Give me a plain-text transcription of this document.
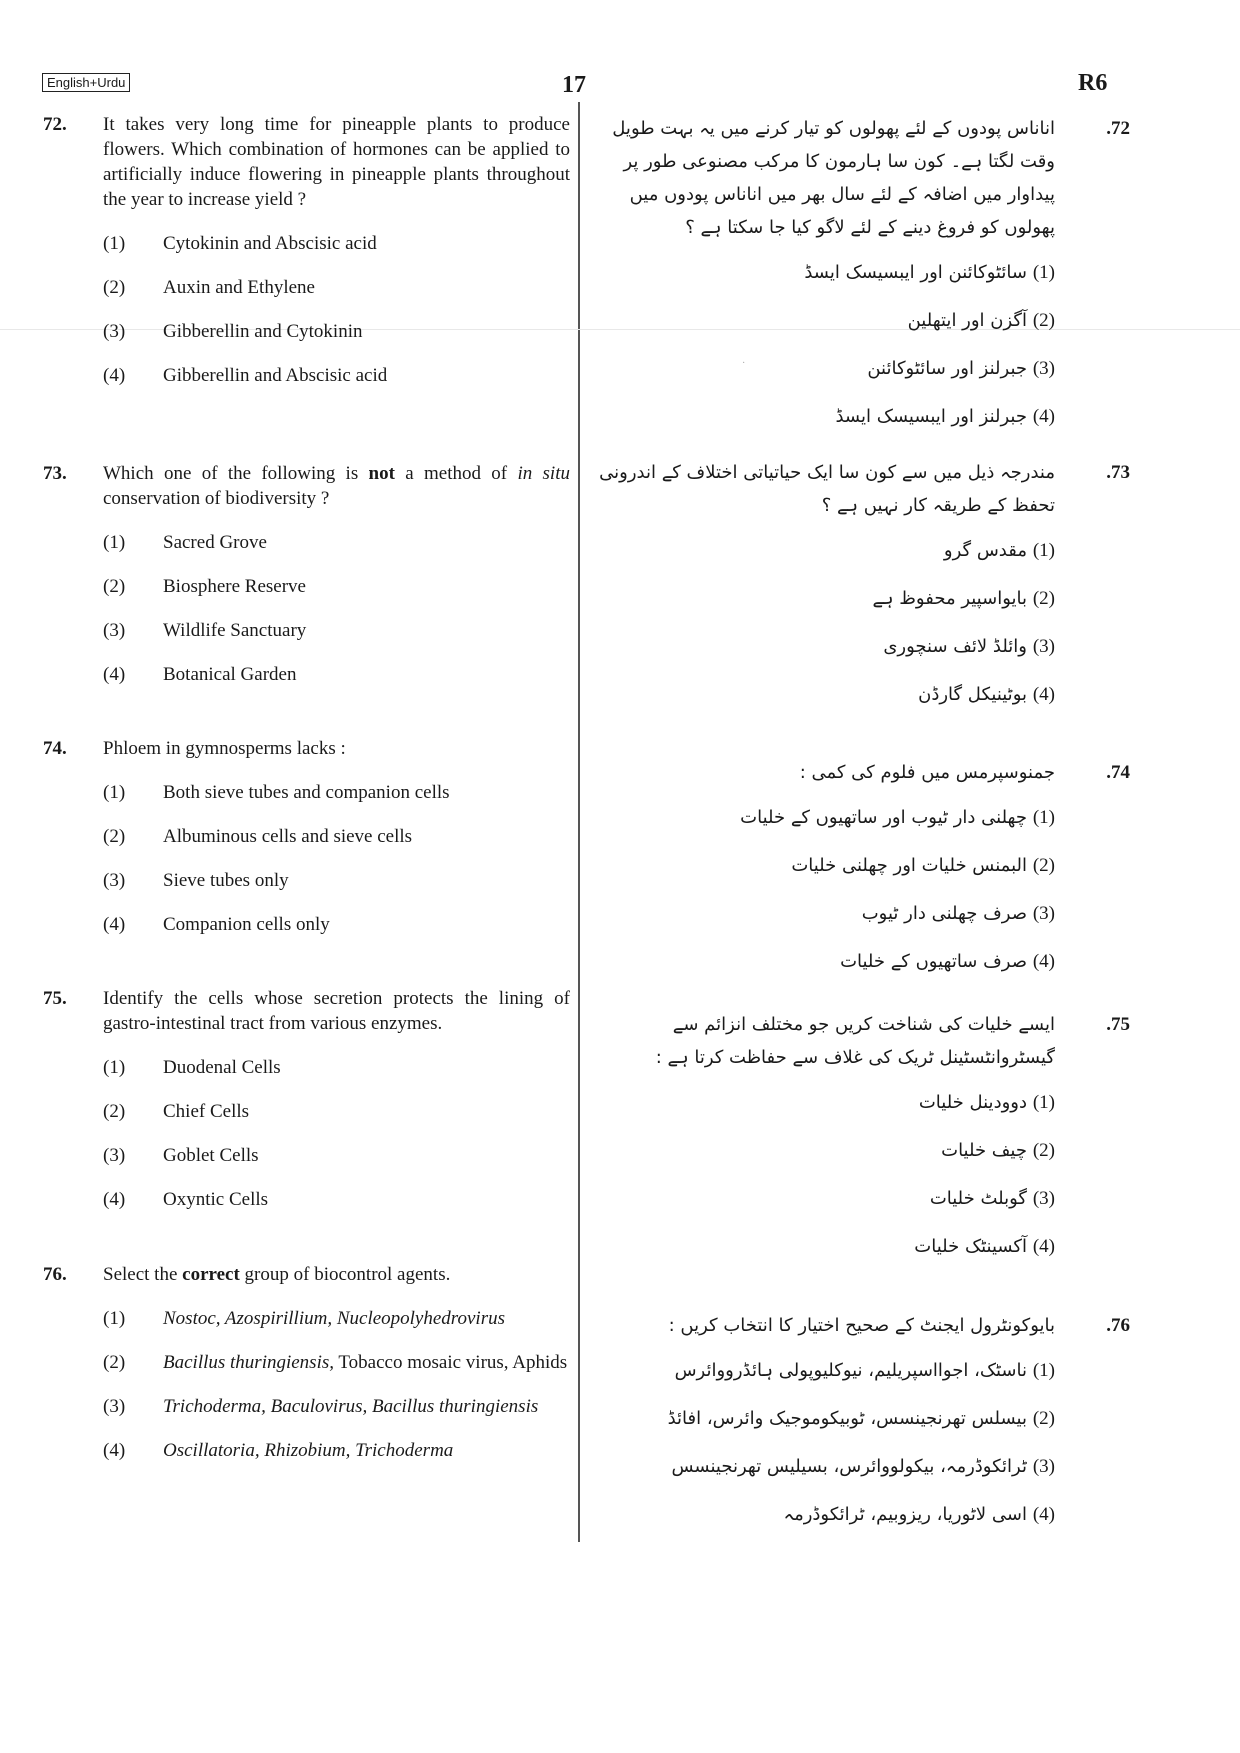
English+Urdu	17	R6
·
72. It takes very long time for pineapple plants to produce flowers. Which combination of hormones can be applied to artificially induce flowering in pineapple plants throughout the year to increase yield ?
(1) Cytokinin and Abscisic acid
(2) Auxin and Ethylene
(3) Gibberellin and Cytokinin
(4) Gibberellin and Abscisic acid
73. Which one of the following is not a method of in situ conservation of biodiversity ?
(1) Sacred Grove
(2) Biosphere Reserve
(3) Wildlife Sanctuary
(4) Botanical Garden
74. Phloem in gymnosperms lacks :
(1) Both sieve tubes and companion cells
(2) Albuminous cells and sieve cells
(3) Sieve tubes only
(4) Companion cells only
75. Identify the cells whose secretion protects the lining of gastro-intestinal tract from various enzymes.
(1) Duodenal Cells
(2) Chief Cells
(3) Goblet Cells
(4) Oxyntic Cells
76. Select the correct group of biocontrol agents.
(1) Nostoc, Azospirillium, Nucleopolyhedrovirus
(2) Bacillus thuringiensis, Tobacco mosaic virus, Aphids
(3) Trichoderma, Baculovirus, Bacillus thuringiensis
(4) Oscillatoria, Rhizobium, Trichoderma
.72
اناناس پودوں کے لئے پھولوں کو تیار کرنے میں یہ بہت طویل وقت لگتا ہے۔ کون سا ہارمون کا مرکب مصنوعی طور پر پیداوار میں اضافہ کے لئے سال بھر میں اناناس پودوں میں پھولوں کو فروغ دینے کے لئے لاگو کیا جا سکتا ہے ؟
(1)
سائٹوکائنن اور ایبسیسک ایسڈ
(2)
آگزن اور ایتھلین
(3)
جبرلنز اور سائٹوکائنن
(4)
جبرلنز اور ایبسیسک ایسڈ
.73
مندرجہ ذیل میں سے کون سا ایک حیاتیاتی اختلاف کے اندرونی تحفظ کے طریقہ کار نہیں ہے ؟
(1)
مقدس گرو
(2)
بایواسپیر محفوظ ہے
(3)
وائلڈ لائف سنچوری
(4)
بوٹینیکل گارڈن
.74
جمنوسپرمس میں فلوم کی کمی :
(1)
چھلنی دار ٹیوب اور ساتھیوں کے خلیات
(2)
البمنس خلیات اور چھلنی خلیات
(3)
صرف چھلنی دار ٹیوب
(4)
صرف ساتھیوں کے خلیات
.75
ایسے خلیات کی شناخت کریں جو مختلف انزائم سے گیسٹروانٹسٹینل ٹریک کی غلاف سے حفاظت کرتا ہے :
(1)
دوودینل خلیات
(2)
چیف خلیات
(3)
گوبلٹ خلیات
(4)
آکسینٹک خلیات
.76
بایوکونٹرول ایجنٹ کے صحیح اختیار کا انتخاب کریں :
(1)
ناسٹک، اجوااسپریلیم، نیوکلیوپولی ہائڈرووائرس
(2)
بیسلس تھرنجینسس، ٹوبیکوموجیک وائرس، افائڈ
(3)
ٹرائکوڈرمہ، بیکولووائرس، بسیلیس تھرنجینسس
(4)
اسی لاٹوریا، ریزوبیم، ٹرائکوڈرمہ
